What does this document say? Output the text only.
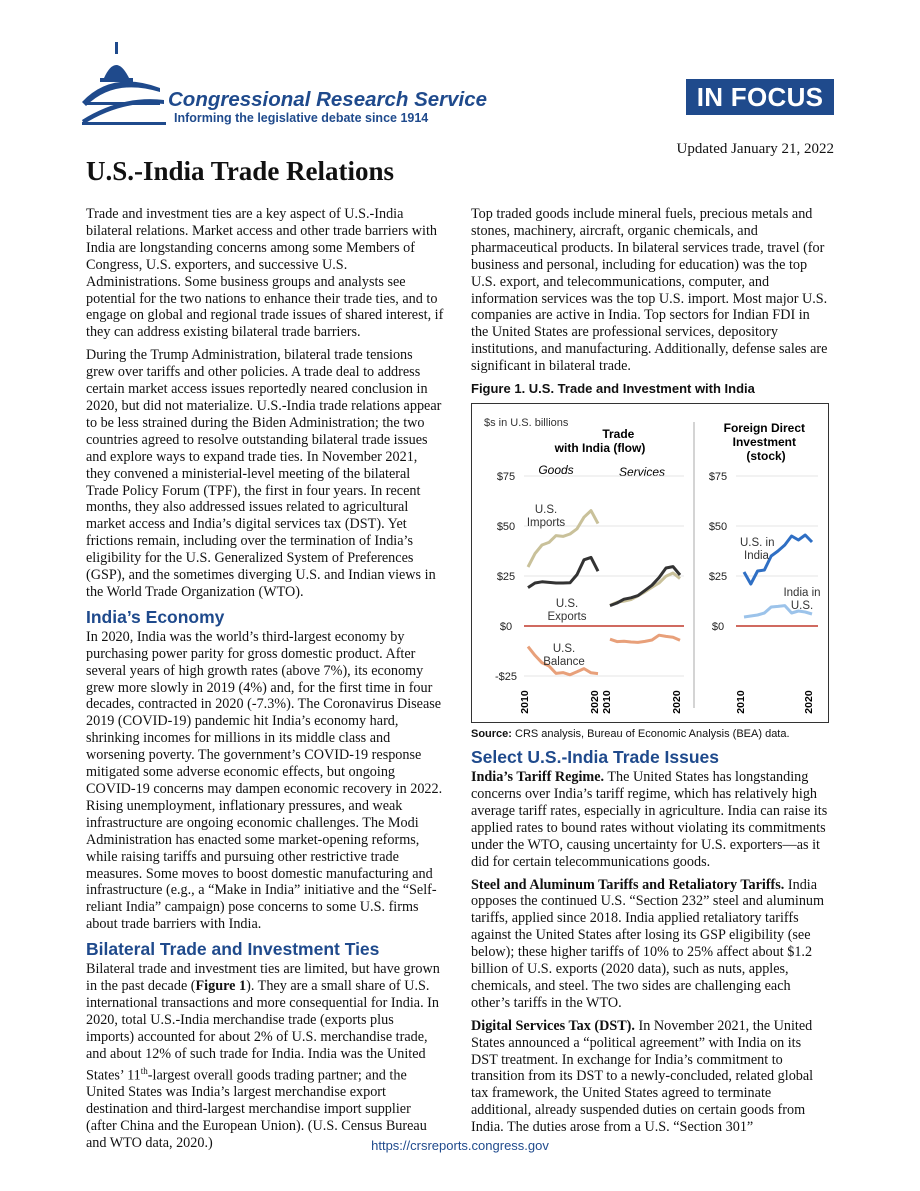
Congressional Research Service
Informing the legislative debate since 1914
IN FOCUS
Updated January 21, 2022
U.S.-India Trade Relations

Trade and investment ties are a key aspect of U.S.-India bilateral relations. Market access and other trade barriers with India are longstanding concerns among some Members of Congress, U.S. exporters, and successive U.S. Administrations. Some business groups and analysts see potential for the two nations to enhance their trade ties, and to engage on global and regional trade issues of shared interest, if they can address existing bilateral trade barriers.

During the Trump Administration, bilateral trade tensions grew over tariffs and other policies. A trade deal to address certain market access issues reportedly neared conclusion in 2020, but did not materialize. U.S.-India trade relations appear to be less strained during the Biden Administration; the two countries agreed to resolve outstanding bilateral trade issues and explore ways to expand trade ties. In November 2021, they convened a ministerial-level meeting of the bilateral Trade Policy Forum (TPF), the first in four years. In recent months, they also addressed issues related to agricultural market access and India’s digital services tax (DST). Yet frictions remain, including over the termination of India’s eligibility for the U.S. Generalized System of Preferences (GSP), and the sometimes diverging U.S. and Indian views in the World Trade Organization (WTO).

India’s Economy

In 2020, India was the world’s third-largest economy by purchasing power parity for gross domestic product. After several years of high growth rates (above 7%), its economy grew more slowly in 2019 (4%) and, for the first time in four decades, contracted in 2020 (-7.3%). The Coronavirus Disease 2019 (COVID-19) pandemic hit India’s economy hard, shrinking incomes for millions in its middle class and worsening poverty. The government’s COVID-19 response mitigated some adverse economic effects, but ongoing COVID-19 concerns may dampen economic recovery in 2022. Rising unemployment, inflationary pressures, and weak infrastructure are ongoing economic challenges. The Modi Administration has enacted some market-opening reforms, while raising tariffs and pursuing other restrictive trade measures. Some moves to boost domestic manufacturing and infrastructure (e.g., a “Make in India” initiative and the “Self-reliant India” campaign) pose concerns to some U.S. firms about trade barriers with India.

Bilateral Trade and Investment Ties

Bilateral trade and investment ties are limited, but have grown in the past decade (Figure 1). They are a small share of U.S. international transactions and more consequential for India. In 2020, total U.S.-India merchandise trade (exports plus imports) accounted for about 2% of U.S. merchandise trade, and about 12% of such trade for India. India was the United States’ 11th-largest overall goods trading partner; and the United States was India’s largest merchandise export destination and third-largest merchandise import supplier (after China and the European Union). (U.S. Census Bureau and WTO data, 2020.)

Top traded goods include mineral fuels, precious metals and stones, machinery, aircraft, organic chemicals, and pharmaceutical products. In bilateral services trade, travel (for business and personal, including for education) was the top U.S. export, and telecommunications, computer, and information services was the top U.S. import. Most major U.S. companies are active in India. Top sectors for Indian FDI in the United States are professional services, depository institutions, and manufacturing. Additionally, defense sales are significant in bilateral trade.

Figure 1. U.S. Trade and Investment with India
$s in U.S. billions
Trade with India (flow)
Foreign Direct Investment (stock)
Goods	Services
$75
$50
$25
$0
-$25
$75
$50
$25
$0
2010	2020 2010	2020	2010	2020
U.S. Imports
U.S. Exports
U.S. Balance
U.S. in India
India in U.S.

Source: CRS analysis, Bureau of Economic Analysis (BEA) data.

Select U.S.-India Trade Issues

India’s Tariff Regime. The United States has longstanding concerns over India’s tariff regime, which has relatively high average tariff rates, especially in agriculture. India can raise its applied rates to bound rates without violating its commitments under the WTO, causing uncertainty for U.S. exporters—as it did for certain telecommunications goods.

Steel and Aluminum Tariffs and Retaliatory Tariffs. India opposes the continued U.S. “Section 232” steel and aluminum tariffs, applied since 2018. India applied retaliatory tariffs against the United States after losing its GSP eligibility (see below); these higher tariffs of 10% to 25% affect about $1.2 billion of U.S. exports (2020 data), such as nuts, apples, chemicals, and steel. The two sides are challenging each other’s tariffs in the WTO.

Digital Services Tax (DST). In November 2021, the United States announced a “political agreement” with India on its DST treatment. In exchange for India’s commitment to transition from its DST to a newly-concluded, related global tax framework, the United States agreed to terminate additional, already suspended duties on certain goods from India. The duties arose from a U.S. “Section 301”

https://crsreports.congress.gov
